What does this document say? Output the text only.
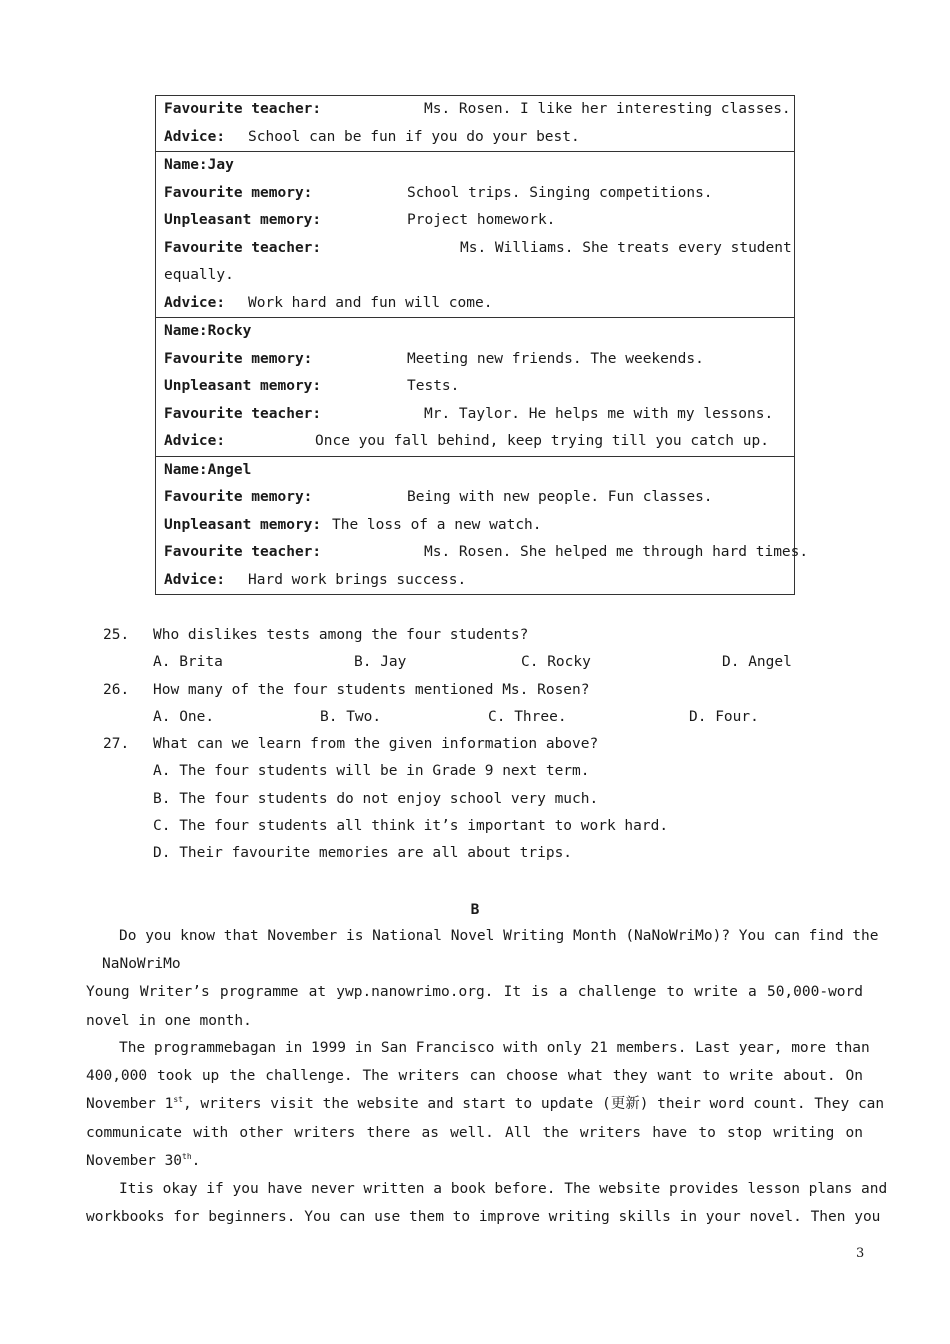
Favourite teacher:	Ms. Rosen. I like her interesting classes.
Advice: School can be fun if you do your best.
Name:Jay
Favourite memory:	School trips. Singing competitions.
Unpleasant memory:	Project homework.
Favourite teacher:	Ms. Williams. She treats every student
equally.
Advice: Work hard and fun will come.
Name:Rocky
Favourite memory:	Meeting new friends. The weekends.
Unpleasant memory:	Tests.
Favourite teacher:	Mr. Taylor. He helps me with my lessons.
Advice:	Once you fall behind, keep trying till you catch up.
Name:Angel
Favourite memory:	Being with new people. Fun classes.
Unpleasant memory: The loss of a new watch.
Favourite teacher:	Ms. Rosen. She helped me through hard times.
Advice: Hard work brings success.
25. Who dislikes tests among the four students?
A. Brita	B. Jay	C. Rocky	D. Angel
26. How many of the four students mentioned Ms. Rosen?
A. One.	B. Two.	C. Three.	D. Four.
27. What can we learn from the given information above?
A. The four students will be in Grade 9 next term.
B. The four students do not enjoy school very much.
C. The four students all think it’s important to work hard.
D. Their favourite memories are all about trips.
B
Do you know that November is National Novel Writing Month (NaNoWriMo)? You can find the
NaNoWriMo
Young Writer’s programme at ywp.nanowrimo.org. It is a challenge to write a 50,000-word
novel in one month.
The programmebagan in 1999 in San Francisco with only 21 members. Last year, more than
400,000 took up the challenge. The writers can choose what they want to write about. On
November 1st, writers visit the website and start to update (更新) their word count. They can
communicate with other writers there as well. All the writers have to stop writing on
November 30th.
Itis okay if you have never written a book before. The website provides lesson plans and
workbooks for beginners. You can use them to improve writing skills in your novel. Then you
3
